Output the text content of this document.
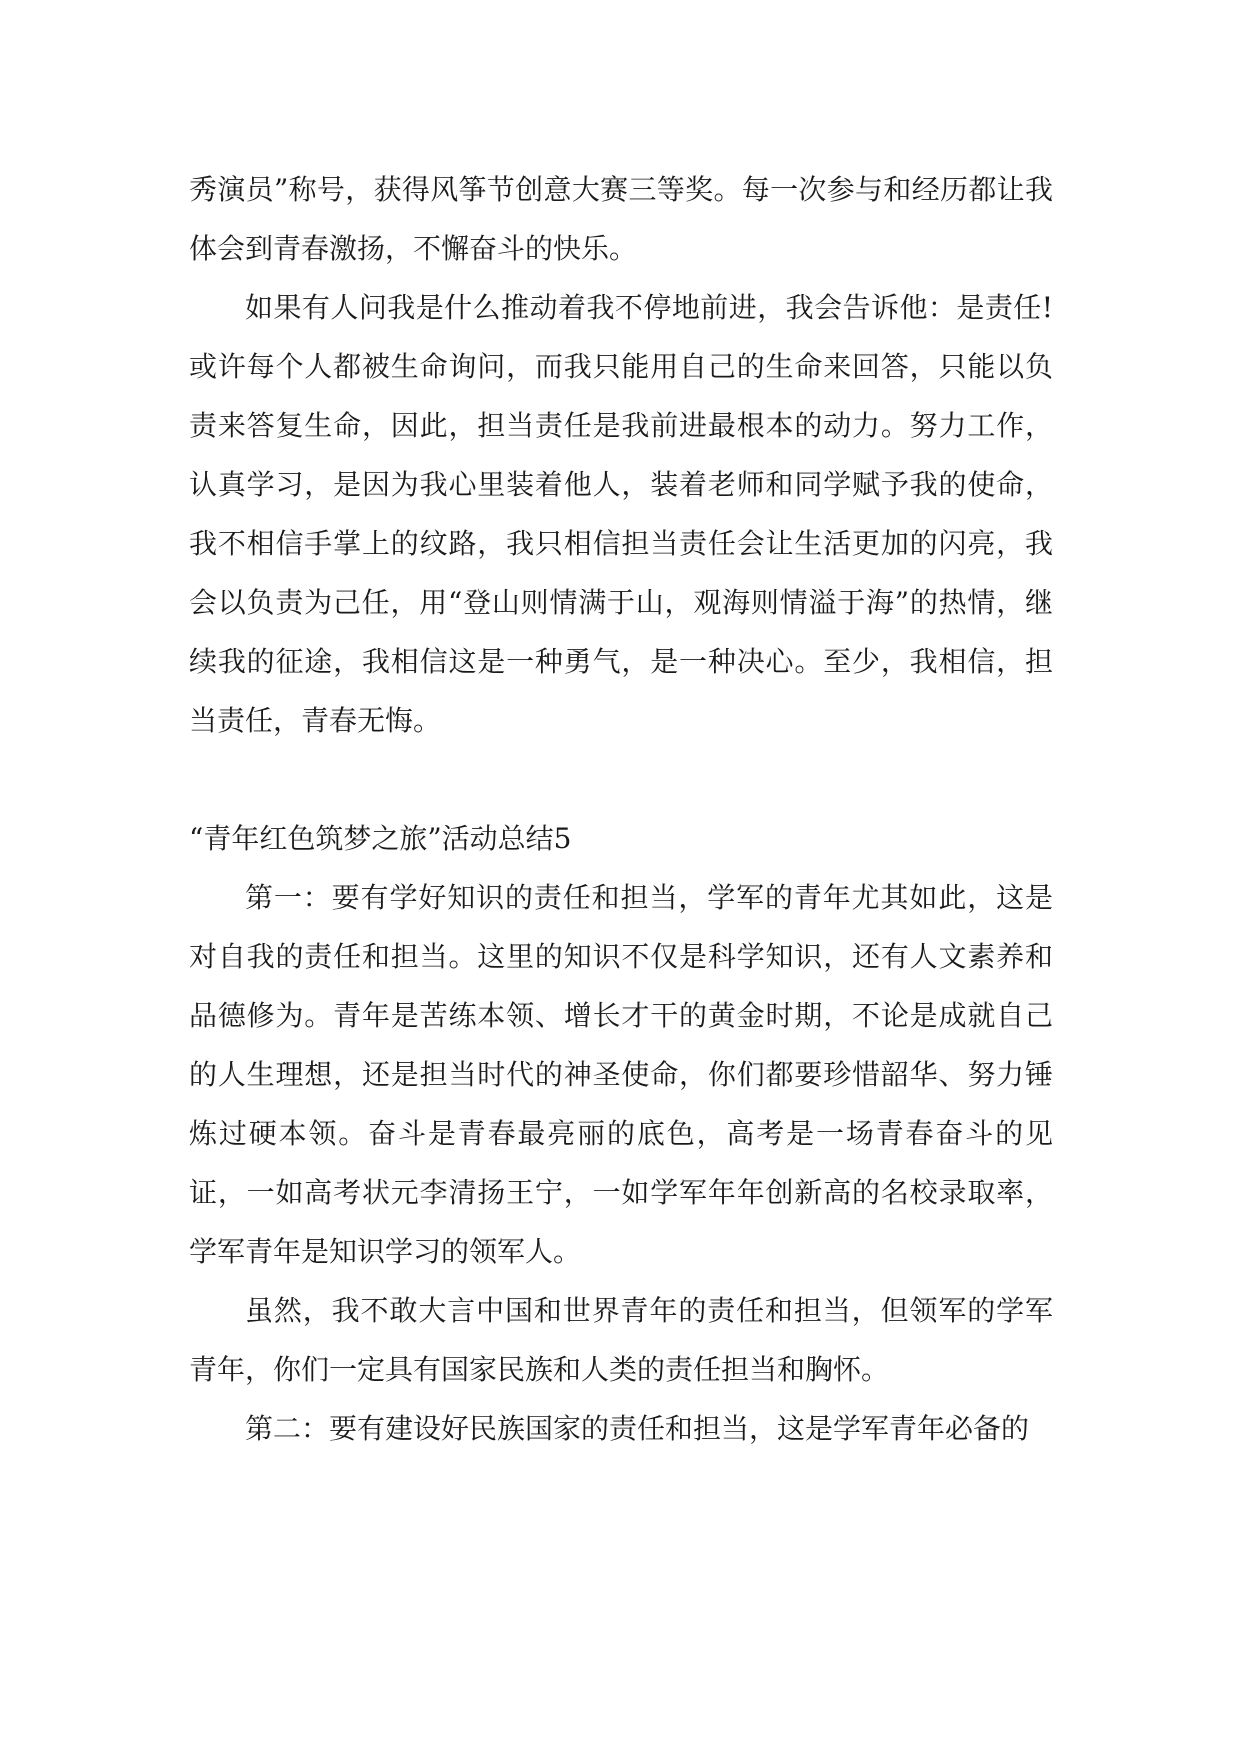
秀演员”称号，获得风筝节创意大赛三等奖。每一次参与和经历都让我体会到青春激扬，不懈奋斗的快乐。

如果有人问我是什么推动着我不停地前进，我会告诉他：是责任!或许每个人都被生命询问，而我只能用自己的生命来回答，只能以负责来答复生命，因此，担当责任是我前进最根本的动力。努力工作，认真学习，是因为我心里装着他人，装着老师和同学赋予我的使命，我不相信手掌上的纹路，我只相信担当责任会让生活更加的闪亮，我会以负责为己任，用“登山则情满于山，观海则情溢于海”的热情，继续我的征途，我相信这是一种勇气，是一种决心。至少，我相信，担当责任，青春无悔。

“青年红色筑梦之旅”活动总结5

第一：要有学好知识的责任和担当，学军的青年尤其如此，这是对自我的责任和担当。这里的知识不仅是科学知识，还有人文素养和品德修为。青年是苦练本领、增长才干的黄金时期，不论是成就自己的人生理想，还是担当时代的神圣使命，你们都要珍惜韶华、努力锤炼过硬本领。奋斗是青春最亮丽的底色，高考是一场青春奋斗的见证，一如高考状元李清扬王宁，一如学军年年创新高的名校录取率，学军青年是知识学习的领军人。

虽然，我不敢大言中国和世界青年的责任和担当，但领军的学军青年，你们一定具有国家民族和人类的责任担当和胸怀。

第二：要有建设好民族国家的责任和担当，这是学军青年必备的
